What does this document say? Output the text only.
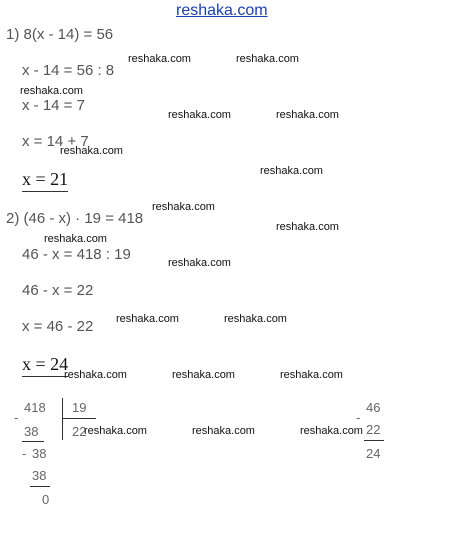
reshaka.com
1) 8(x - 14) = 56
x - 14 = 56 : 8
x - 14 = 7
x = 14 + 7
x = 21
2) (46 - x) · 19 = 418
46 - x = 418 : 19
46 - x = 22
x = 46 - 22
x = 24
418 19
22
-
38
- 38
38
0
46
-
22
24
reshaka.com	reshaka.com
reshaka.com
reshaka.com	reshaka.com
reshaka.com
reshaka.com
reshaka.com
reshaka.com
reshaka.com
reshaka.com
reshaka.com	reshaka.com
reshaka.com	reshaka.com	reshaka.com
reshaka.com	reshaka.com	reshaka.com
